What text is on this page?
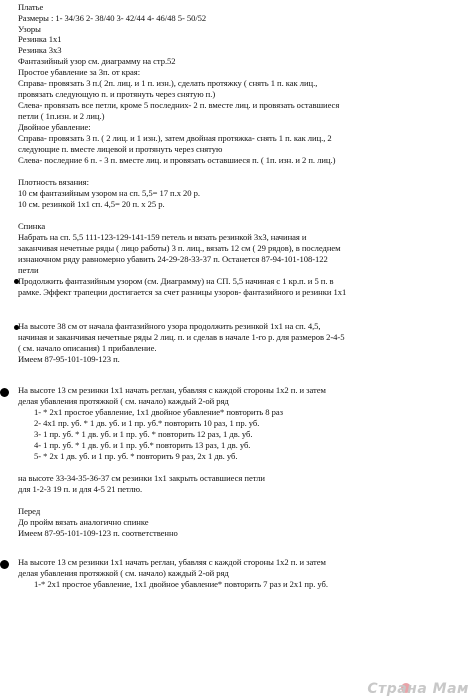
Платье
Размеры : 1- 34/36 2- 38/40 3- 42/44 4- 46/48 5- 50/52
Узоры
Резинка 1х1
Резинка 3х3
Фантазийный узор см. диаграмму на стр.52
Простое убавление за 3п. от края:
Справа- провязать 3 п.( 2п. лиц. и 1 п. изн.), сделать протяжку ( снять 1 п. как лиц.,
провязать следующую п. и протянуть через снятую п.)
Слева- провязать все петли, кроме 5 последних- 2 п. вместе лиц. и провязать оставшиеся
петли ( 1п.изн. и 2 лиц.)
Двойное убавление:
Справа- провязать 3 п. ( 2 лиц. и 1 изн.), затем двойная протяжка- снять 1 п. как лиц., 2
следующие п. вместе лицевой и протянуть через снятую
Слева- последние 6 п. - 3 п. вместе лиц. и провязать оставшиеся п. ( 1п. изн. и 2 п. лиц.)
Плотность вязания:
10 см фантазийным узором на сп. 5,5= 17 п.х 20 р.
10 см. резинкой 1х1 сп. 4,5= 20 п. х 25 р.
Спинка
Набрать на сп. 5,5 111-123-129-141-159 петель и вязать резинкой 3х3, начиная и
заканчивая нечетные ряды ( лицо работы) 3 п. лиц., вязать 12 см ( 29 рядов), в последнем
изнаночном ряду равномерно убавить 24-29-28-33-37 п. Останется 87-94-101-108-122
петли
Продолжить фантазийным узором (см. Диаграмму) на СП. 5,5 начиная с 1 кр.п. и 5 п. в
рамке. Эффект трапеции достигается за счет разницы узоров- фантазийного и резинки 1х1
На высоте 38 см от начала фантазийного узора продолжить резинкой 1х1 на сп. 4,5,
начиная и заканчивая нечетные ряды 2 лиц. п. и сделав в начале 1-го р. для размеров 2-4-5
( см. начало описания) 1 прибавление.
Имеем 87-95-101-109-123 п.
На высоте 13 см резинки 1х1 начать реглан, убавляя с каждой стороны 1х2 п. и затем
делая убавления протяжкой ( см. начало) каждый 2-ой ряд
1- * 2х1 простое убавление, 1х1 двойное убавление* повторить 8 раз
2- 4х1 пр. уб. * 1 дв. уб. и 1 пр. уб.* повторить 10 раз, 1 пр. уб.
3- 1 пр. уб. * 1 дв. уб. и 1 пр. уб. * повторить 12 раз, 1 дв. уб.
4- 1 пр. уб. * 1 дв. уб. и 1 пр. уб.* повторить 13 раз, 1 дв. уб.
5- * 2х 1 дв. уб. и 1 пр. уб. * повторить 9 раз, 2х 1 дв. уб.
на высоте 33-34-35-36-37 см резинки 1х1 закрыть оставшиеся петли
для 1-2-3 19 п. и для 4-5 21 петлю.
Перед
До пройм вязать аналогично спинке
Имеем 87-95-101-109-123 п. соответственно
На высоте 13 см резинки 1х1 начать реглан, убавляя с каждой стороны 1х2 п. и затем
делая убавления протяжкой ( см. начало) каждый 2-ой ряд
1-* 2х1 простое убавление, 1х1 двойное убавление* повторить 7 раз и 2х1 пр. уб.
Страна Мам
